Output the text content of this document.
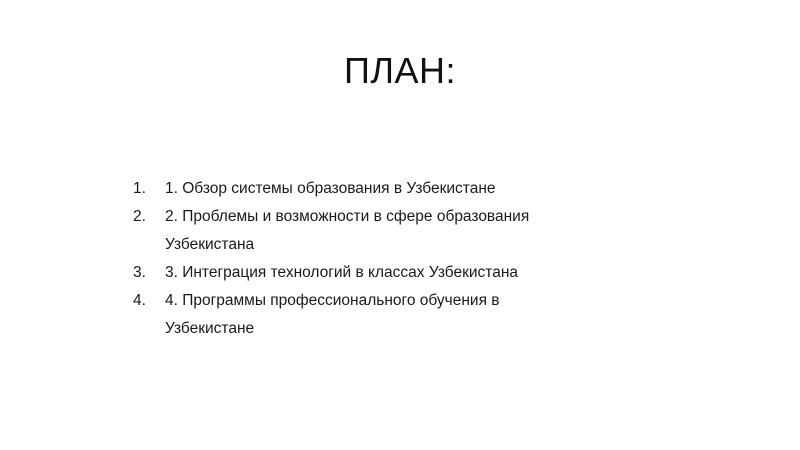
ПЛАН:
1.	1. Обзор системы образования в Узбекистане
2.	2. Проблемы и возможности в сфере образования Узбекистана
3.	3. Интеграция технологий в классах Узбекистана
4.	4. Программы профессионального обучения в Узбекистане
